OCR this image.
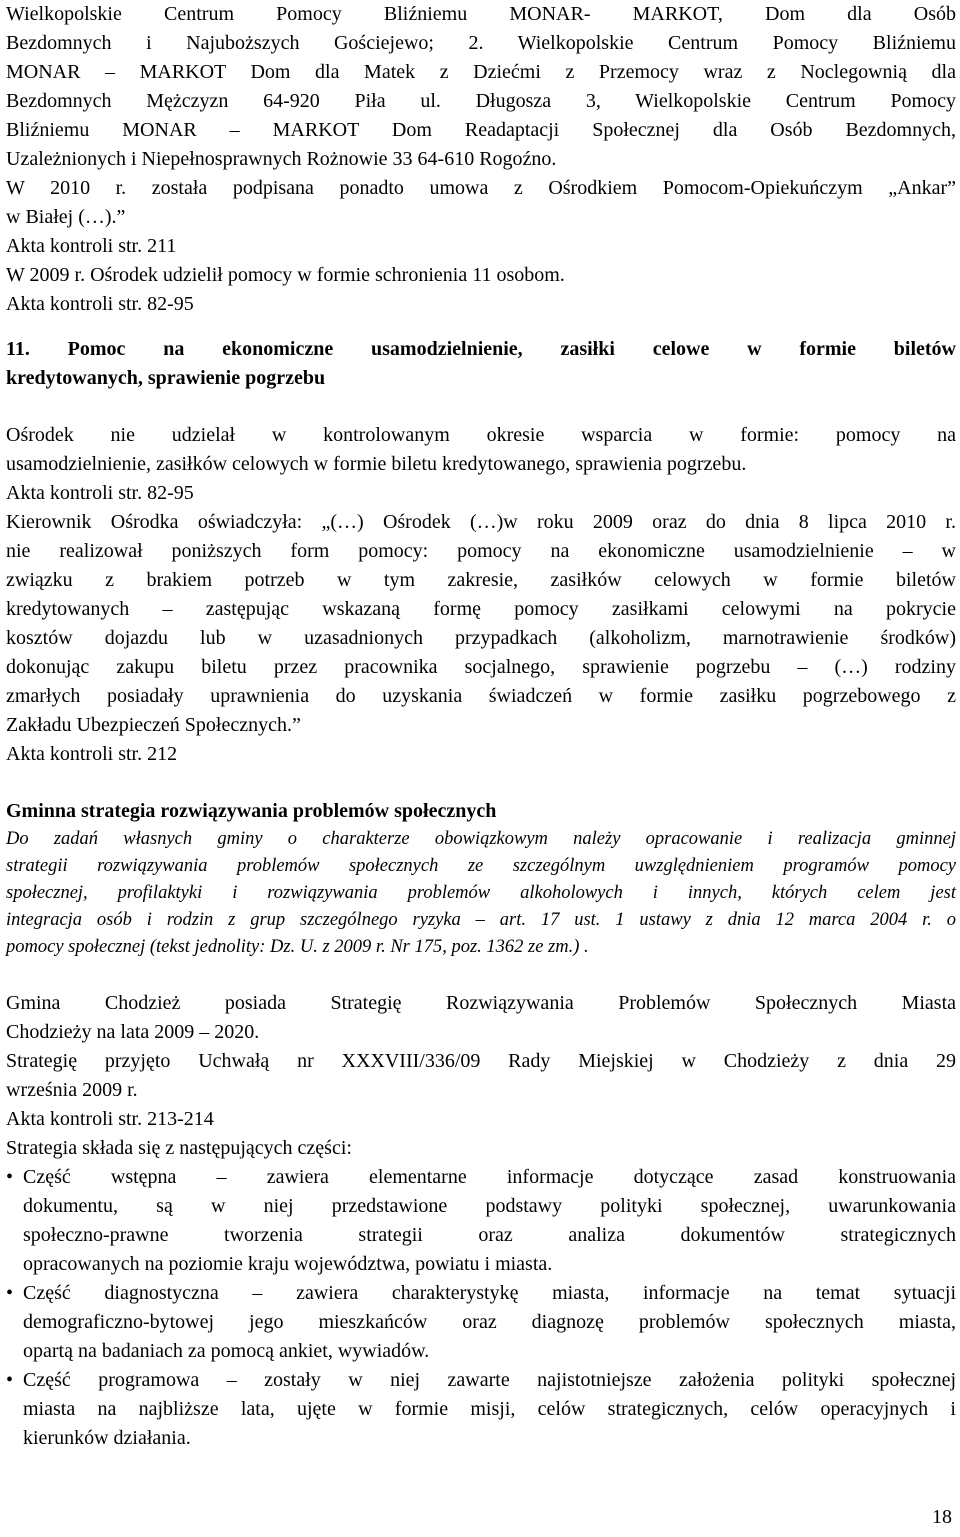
Wielkopolskie Centrum Pomocy Bliźniemu MONAR- MARKOT, Dom dla Osób
Bezdomnych i Najuboższych Gościejewo; 2. Wielkopolskie Centrum Pomocy Bliźniemu
MONAR – MARKOT Dom dla Matek z Dziećmi z Przemocy wraz z Noclegownią dla
Bezdomnych Mężczyzn 64-920 Piła ul. Długosza 3, Wielkopolskie Centrum Pomocy
Bliźniemu MONAR – MARKOT Dom Readaptacji Społecznej dla Osób Bezdomnych,
Uzależnionych i Niepełnosprawnych Rożnowie 33 64-610 Rogoźno.
W 2010 r. została podpisana ponadto umowa z Ośrodkiem Pomocom-Opiekuńczym „Ankar”
w Białej (…).”
Akta kontroli str. 211
W 2009 r. Ośrodek udzielił pomocy w formie schronienia 11 osobom.
Akta kontroli str. 82-95
11. Pomoc na ekonomiczne usamodzielnienie, zasiłki celowe w formie biletów
kredytowanych, sprawienie pogrzebu
Ośrodek nie udzielał w kontrolowanym okresie wsparcia w formie: pomocy na
usamodzielnienie, zasiłków celowych w formie biletu kredytowanego, sprawienia pogrzebu.
Akta kontroli str. 82-95
Kierownik Ośrodka oświadczyła: „(…) Ośrodek (…)w roku 2009 oraz do dnia 8 lipca 2010 r.
nie realizował poniższych form pomocy: pomocy na ekonomiczne usamodzielnienie – w
związku z brakiem potrzeb w tym zakresie, zasiłków celowych w formie biletów
kredytowanych – zastępując wskazaną formę pomocy zasiłkami celowymi na pokrycie
kosztów dojazdu lub w uzasadnionych przypadkach (alkoholizm, marnotrawienie środków)
dokonując zakupu biletu przez pracownika socjalnego, sprawienie pogrzebu – (…) rodziny
zmarłych posiadały uprawnienia do uzyskania świadczeń w formie zasiłku pogrzebowego z
Zakładu Ubezpieczeń Społecznych.”
Akta kontroli str. 212
Gminna strategia rozwiązywania problemów społecznych
Do zadań własnych gminy o charakterze obowiązkowym należy opracowanie i realizacja gminnej
strategii rozwiązywania problemów społecznych ze szczególnym uwzględnieniem programów pomocy
społecznej, profilaktyki i rozwiązywania problemów alkoholowych i innych, których celem jest
integracja osób i rodzin z grup szczególnego ryzyka – art. 17 ust. 1 ustawy z dnia 12 marca 2004 r. o
pomocy społecznej (tekst jednolity: Dz. U. z 2009 r. Nr 175, poz. 1362 ze zm.) .
Gmina Chodzież posiada Strategię Rozwiązywania Problemów Społecznych Miasta
Chodzieży na lata 2009 – 2020.
Strategię przyjęto Uchwałą nr XXXVIII/336/09 Rady Miejskiej w Chodzieży z dnia 29
września 2009 r.
Akta kontroli str. 213-214
Strategia składa się z następujących części:
• Część wstępna – zawiera elementarne informacje dotyczące zasad konstruowania
dokumentu, są w niej przedstawione podstawy polityki społecznej, uwarunkowania
społeczno-prawne tworzenia strategii oraz analiza dokumentów strategicznych
opracowanych na poziomie kraju województwa, powiatu i miasta.
• Część diagnostyczna – zawiera charakterystykę miasta, informacje na temat sytuacji
demograficzno-bytowej jego mieszkańców oraz diagnozę problemów społecznych miasta,
opartą na badaniach za pomocą ankiet, wywiadów.
• Część programowa – zostały w niej zawarte najistotniejsze założenia polityki społecznej
miasta na najbliższe lata, ujęte w formie misji, celów strategicznych, celów operacyjnych i
kierunków działania.
18
